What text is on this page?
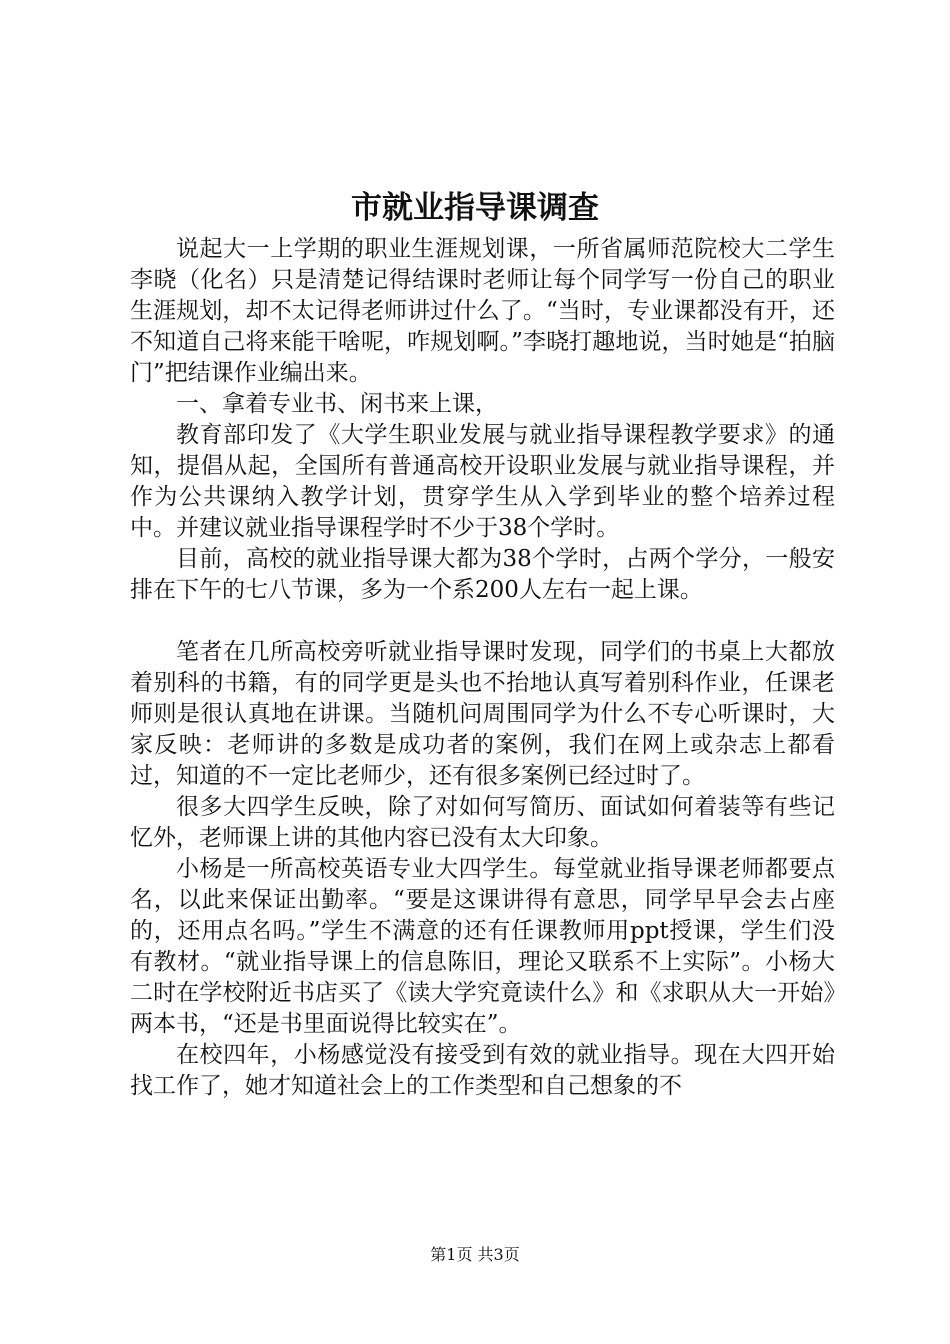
市就业指导课调查

说起大一上学期的职业生涯规划课，一所省属师范院校大二学生李晓（化名）只是清楚记得结课时老师让每个同学写一份自己的职业生涯规划，却不太记得老师讲过什么了。“当时，专业课都没有开，还不知道自己将来能干啥呢，咋规划啊。”李晓打趣地说，当时她是“拍脑门”把结课作业编出来。

一、拿着专业书、闲书来上课，

教育部印发了《大学生职业发展与就业指导课程教学要求》的通知，提倡从起，全国所有普通高校开设职业发展与就业指导课程，并作为公共课纳入教学计划，贯穿学生从入学到毕业的整个培养过程中。并建议就业指导课程学时不少于38个学时。

目前，高校的就业指导课大都为38个学时，占两个学分，一般安排在下午的七八节课，多为一个系200人左右一起上课。

笔者在几所高校旁听就业指导课时发现，同学们的书桌上大都放着别科的书籍，有的同学更是头也不抬地认真写着别科作业，任课老师则是很认真地在讲课。当随机问周围同学为什么不专心听课时，大家反映：老师讲的多数是成功者的案例，我们在网上或杂志上都看过，知道的不一定比老师少，还有很多案例已经过时了。

很多大四学生反映，除了对如何写简历、面试如何着装等有些记忆外，老师课上讲的其他内容已没有太大印象。

小杨是一所高校英语专业大四学生。每堂就业指导课老师都要点名，以此来保证出勤率。“要是这课讲得有意思，同学早早会去占座的，还用点名吗。”学生不满意的还有任课教师用ppt授课，学生们没有教材。“就业指导课上的信息陈旧，理论又联系不上实际”。小杨大二时在学校附近书店买了《读大学究竟读什么》和《求职从大一开始》两本书，“还是书里面说得比较实在”。

在校四年，小杨感觉没有接受到有效的就业指导。现在大四开始找工作了，她才知道社会上的工作类型和自己想象的不

第1页 共3页
